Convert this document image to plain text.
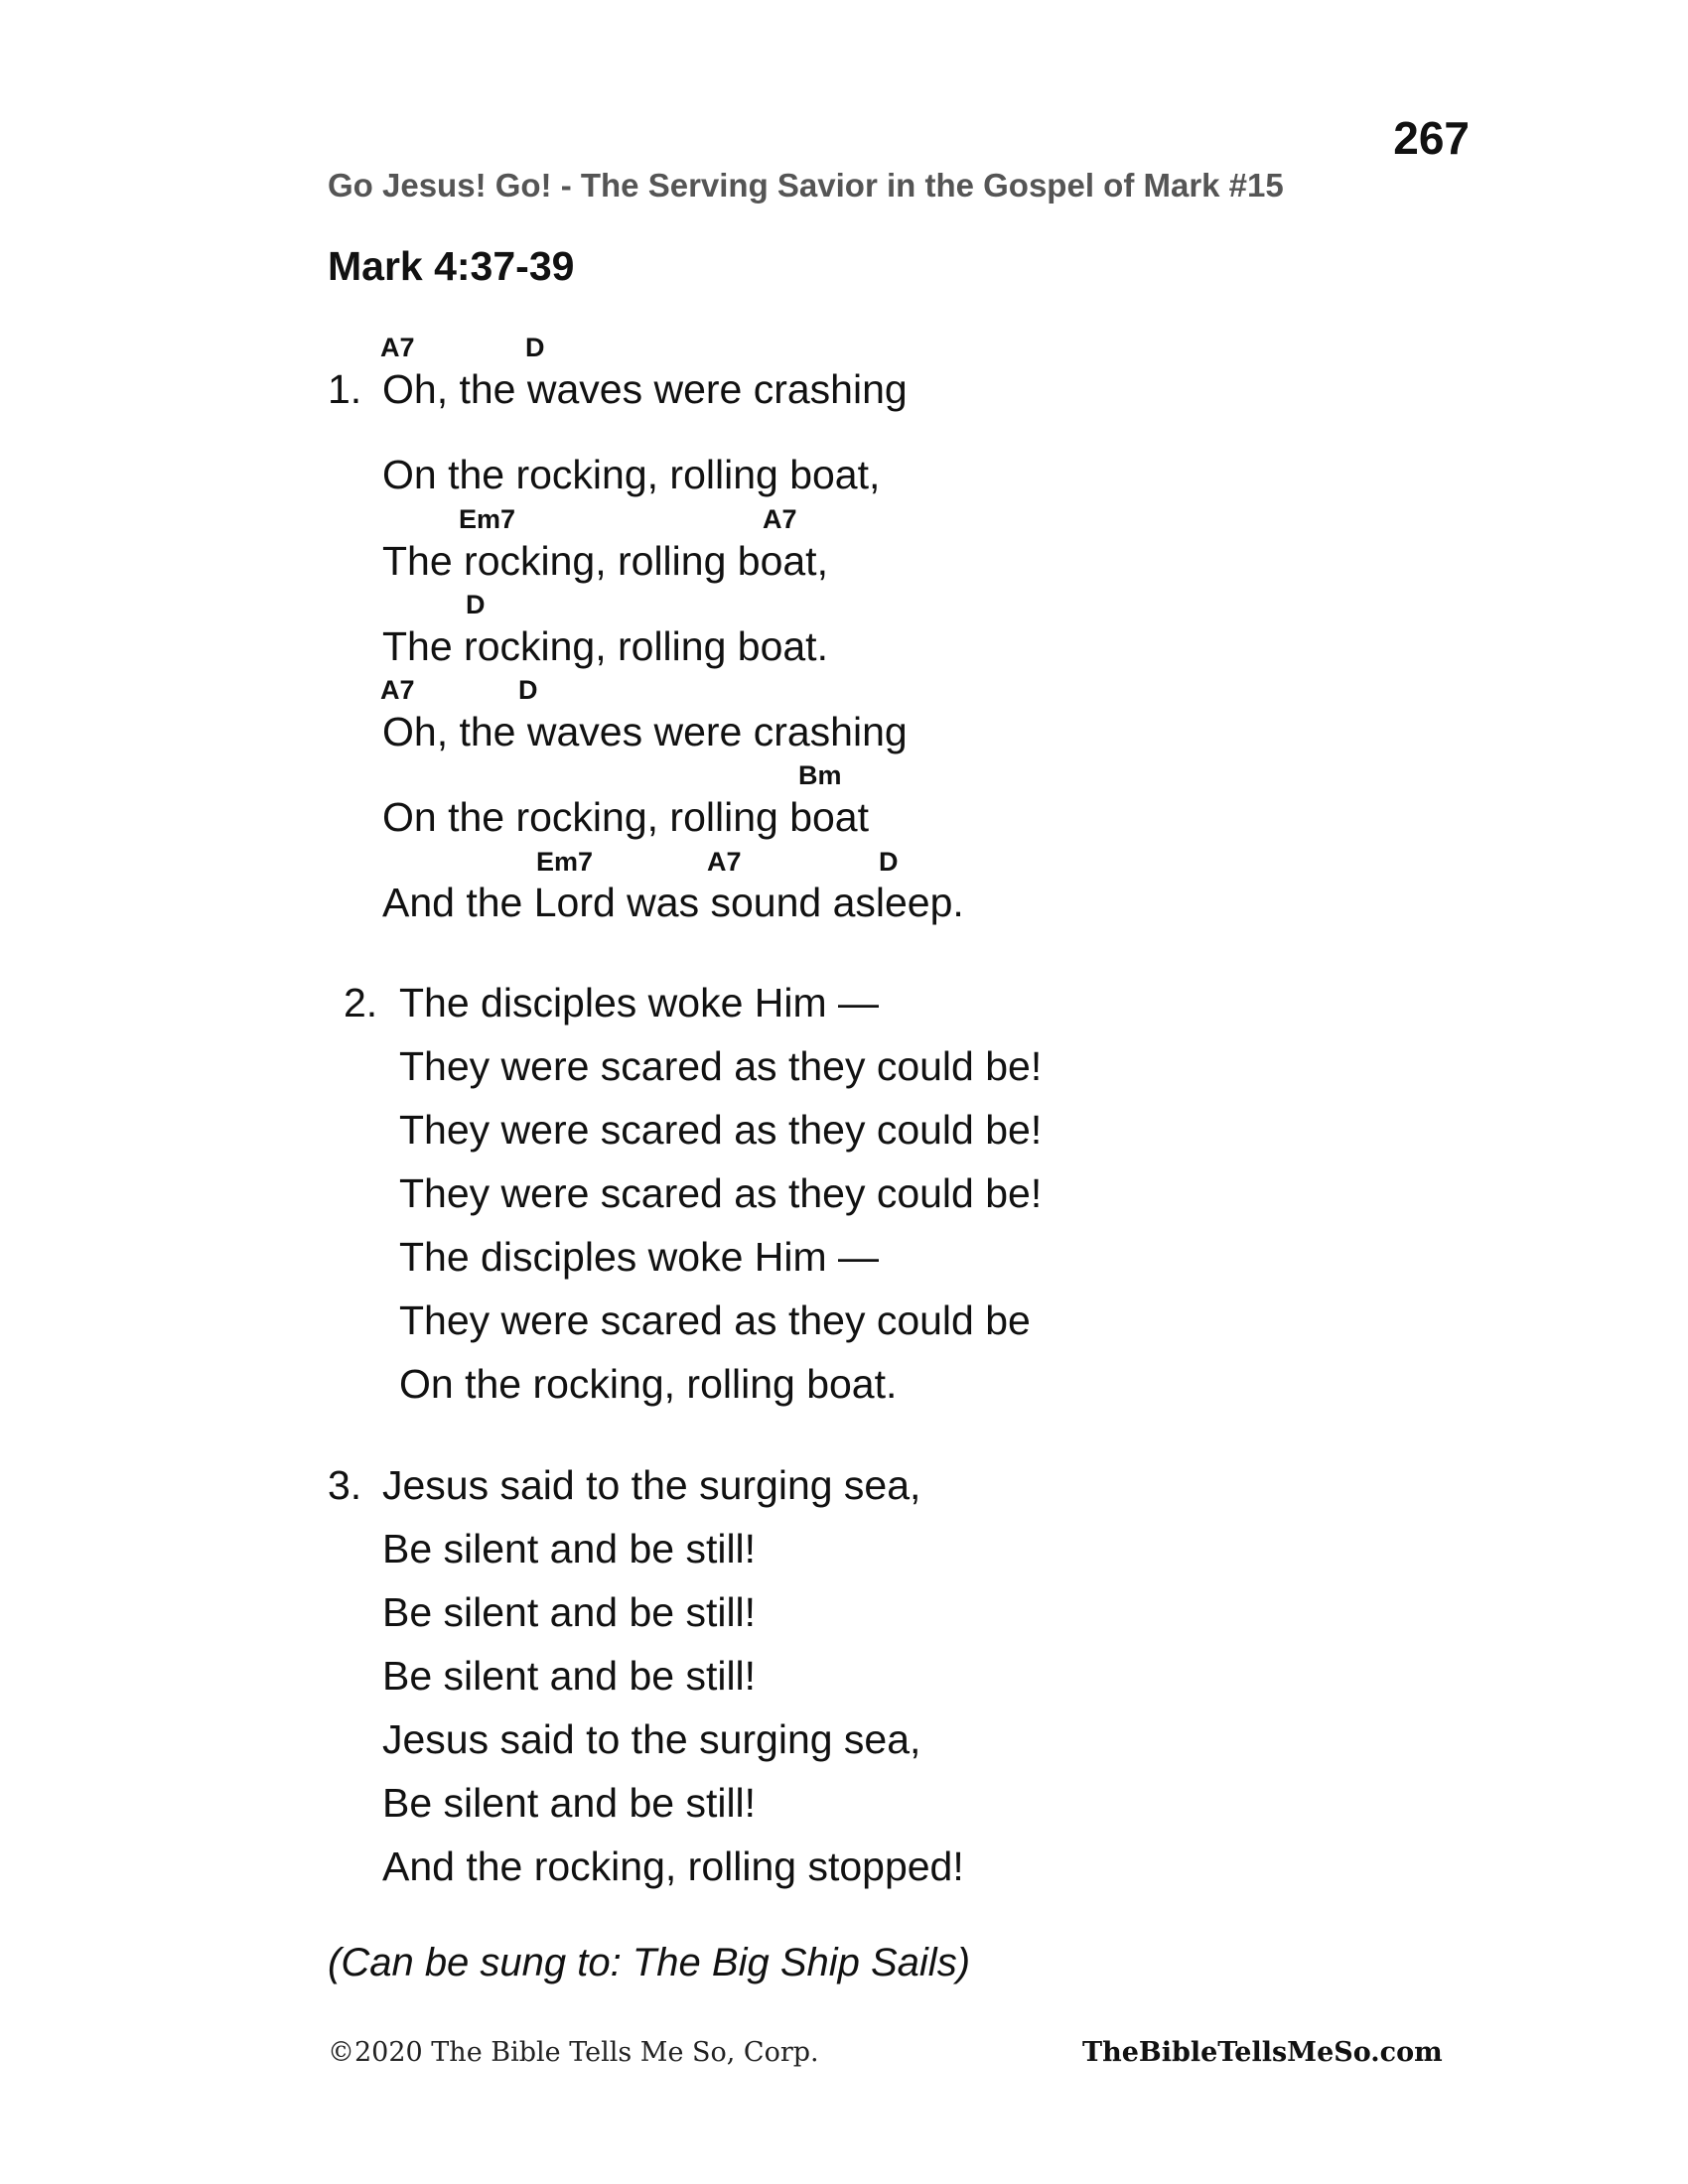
267
Go Jesus! Go! - The Serving Savior in the Gospel of Mark #15
Mark 4:37-39
A7	D
1. Oh, the waves were crashing
On the rocking, rolling boat,
Em7	A7
The rocking, rolling boat,
D
The rocking, rolling boat.
A7	D
Oh, the waves were crashing
Bm
On the rocking, rolling boat
Em7	A7	D
And the Lord was sound asleep.
2. The disciples woke Him —
They were scared as they could be!
They were scared as they could be!
They were scared as they could be!
The disciples woke Him —
They were scared as they could be
On the rocking, rolling boat.
3. Jesus said to the surging sea,
Be silent and be still!
Be silent and be still!
Be silent and be still!
Jesus said to the surging sea,
Be silent and be still!
And the rocking, rolling stopped!
(Can be sung to: The Big Ship Sails)
©2020 The Bible Tells Me So, Corp.	TheBibleTellsMeSo.com
